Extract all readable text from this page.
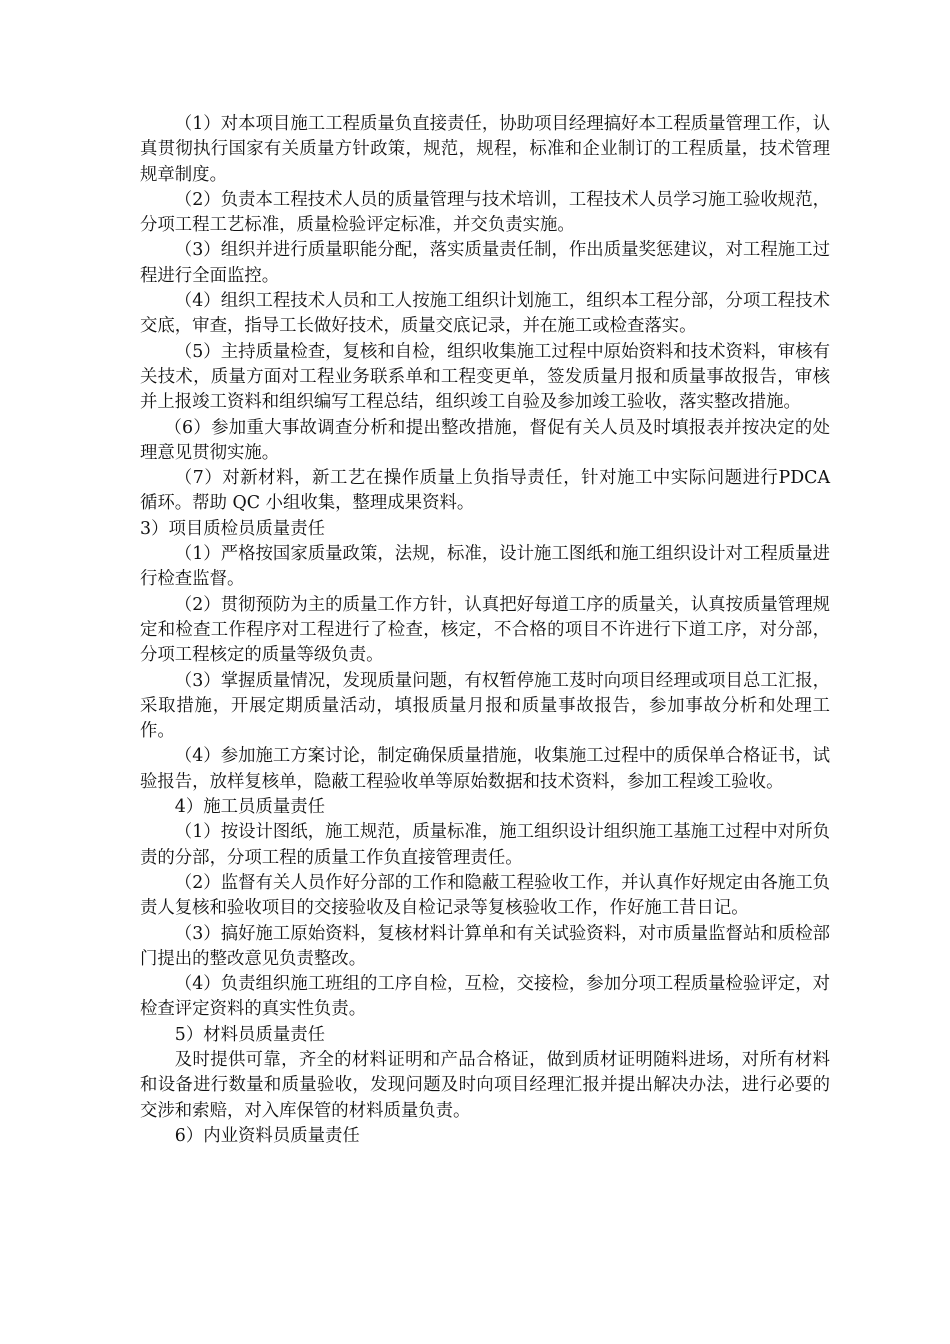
（1）对本项目施工工程质量负直接责任，协助项目经理搞好本工程质量管理工作，认真贯彻执行国家有关质量方针政策，规范，规程，标准和企业制订的工程质量，技术管理规章制度。

（2）负责本工程技术人员的质量管理与技术培训，工程技术人员学习施工验收规范，分项工程工艺标准，质量检验评定标准，并交负责实施。

（3）组织并进行质量职能分配，落实质量责任制，作出质量奖惩建议，对工程施工过程进行全面监控。

（4）组织工程技术人员和工人按施工组织计划施工，组织本工程分部，分项工程技术交底，审查，指导工长做好技术，质量交底记录，并在施工或检查落实。

（5）主持质量检查，复核和自检，组织收集施工过程中原始资料和技术资料，审核有关技术，质量方面对工程业务联系单和工程变更单，签发质量月报和质量事故报告，审核并上报竣工资料和组织编写工程总结，组织竣工自验及参加竣工验收，落实整改措施。

（6）参加重大事故调查分析和提出整改措施，督促有关人员及时填报表并按决定的处理意见贯彻实施。

（7）对新材料，新工艺在操作质量上负指导责任，针对施工中实际问题进行PDCA 循环。帮助 QC 小组收集，整理成果资料。

3）项目质检员质量责任

（1）严格按国家质量政策，法规，标准，设计施工图纸和施工组织设计对工程质量进行检查监督。

（2）贯彻预防为主的质量工作方针，认真把好每道工序的质量关，认真按质量管理规定和检查工作程序对工程进行了检查，核定，不合格的项目不许进行下道工序，对分部，分项工程核定的质量等级负责。

（3）掌握质量情况，发现质量问题，有权暂停施工芨时向项目经理或项目总工汇报，采取措施，开展定期质量活动，填报质量月报和质量事故报告，参加事故分析和处理工作。

（4）参加施工方案讨论，制定确保质量措施，收集施工过程中的质保单合格证书，试验报告，放样复核单，隐蔽工程验收单等原始数据和技术资料，参加工程竣工验收。

4）施工员质量责任

（1）按设计图纸，施工规范，质量标准，施工组织设计组织施工基施工过程中对所负责的分部，分项工程的质量工作负直接管理责任。

（2）监督有关人员作好分部的工作和隐蔽工程验收工作，并认真作好规定由各施工负责人复核和验收项目的交接验收及自检记录等复核验收工作，作好施工昔日记。

（3）搞好施工原始资料，复核材料计算单和有关试验资料，对市质量监督站和质检部门提出的整改意见负责整改。

（4）负责组织施工班组的工序自检，互检，交接检，参加分项工程质量检验评定，对检查评定资料的真实性负责。

5）材料员质量责任

及时提供可靠，齐全的材料证明和产品合格证，做到质材证明随料进场，对所有材料和设备进行数量和质量验收，发现问题及时向项目经理汇报并提出解决办法，进行必要的交涉和索赔，对入库保管的材料质量负责。

6）内业资料员质量责任
